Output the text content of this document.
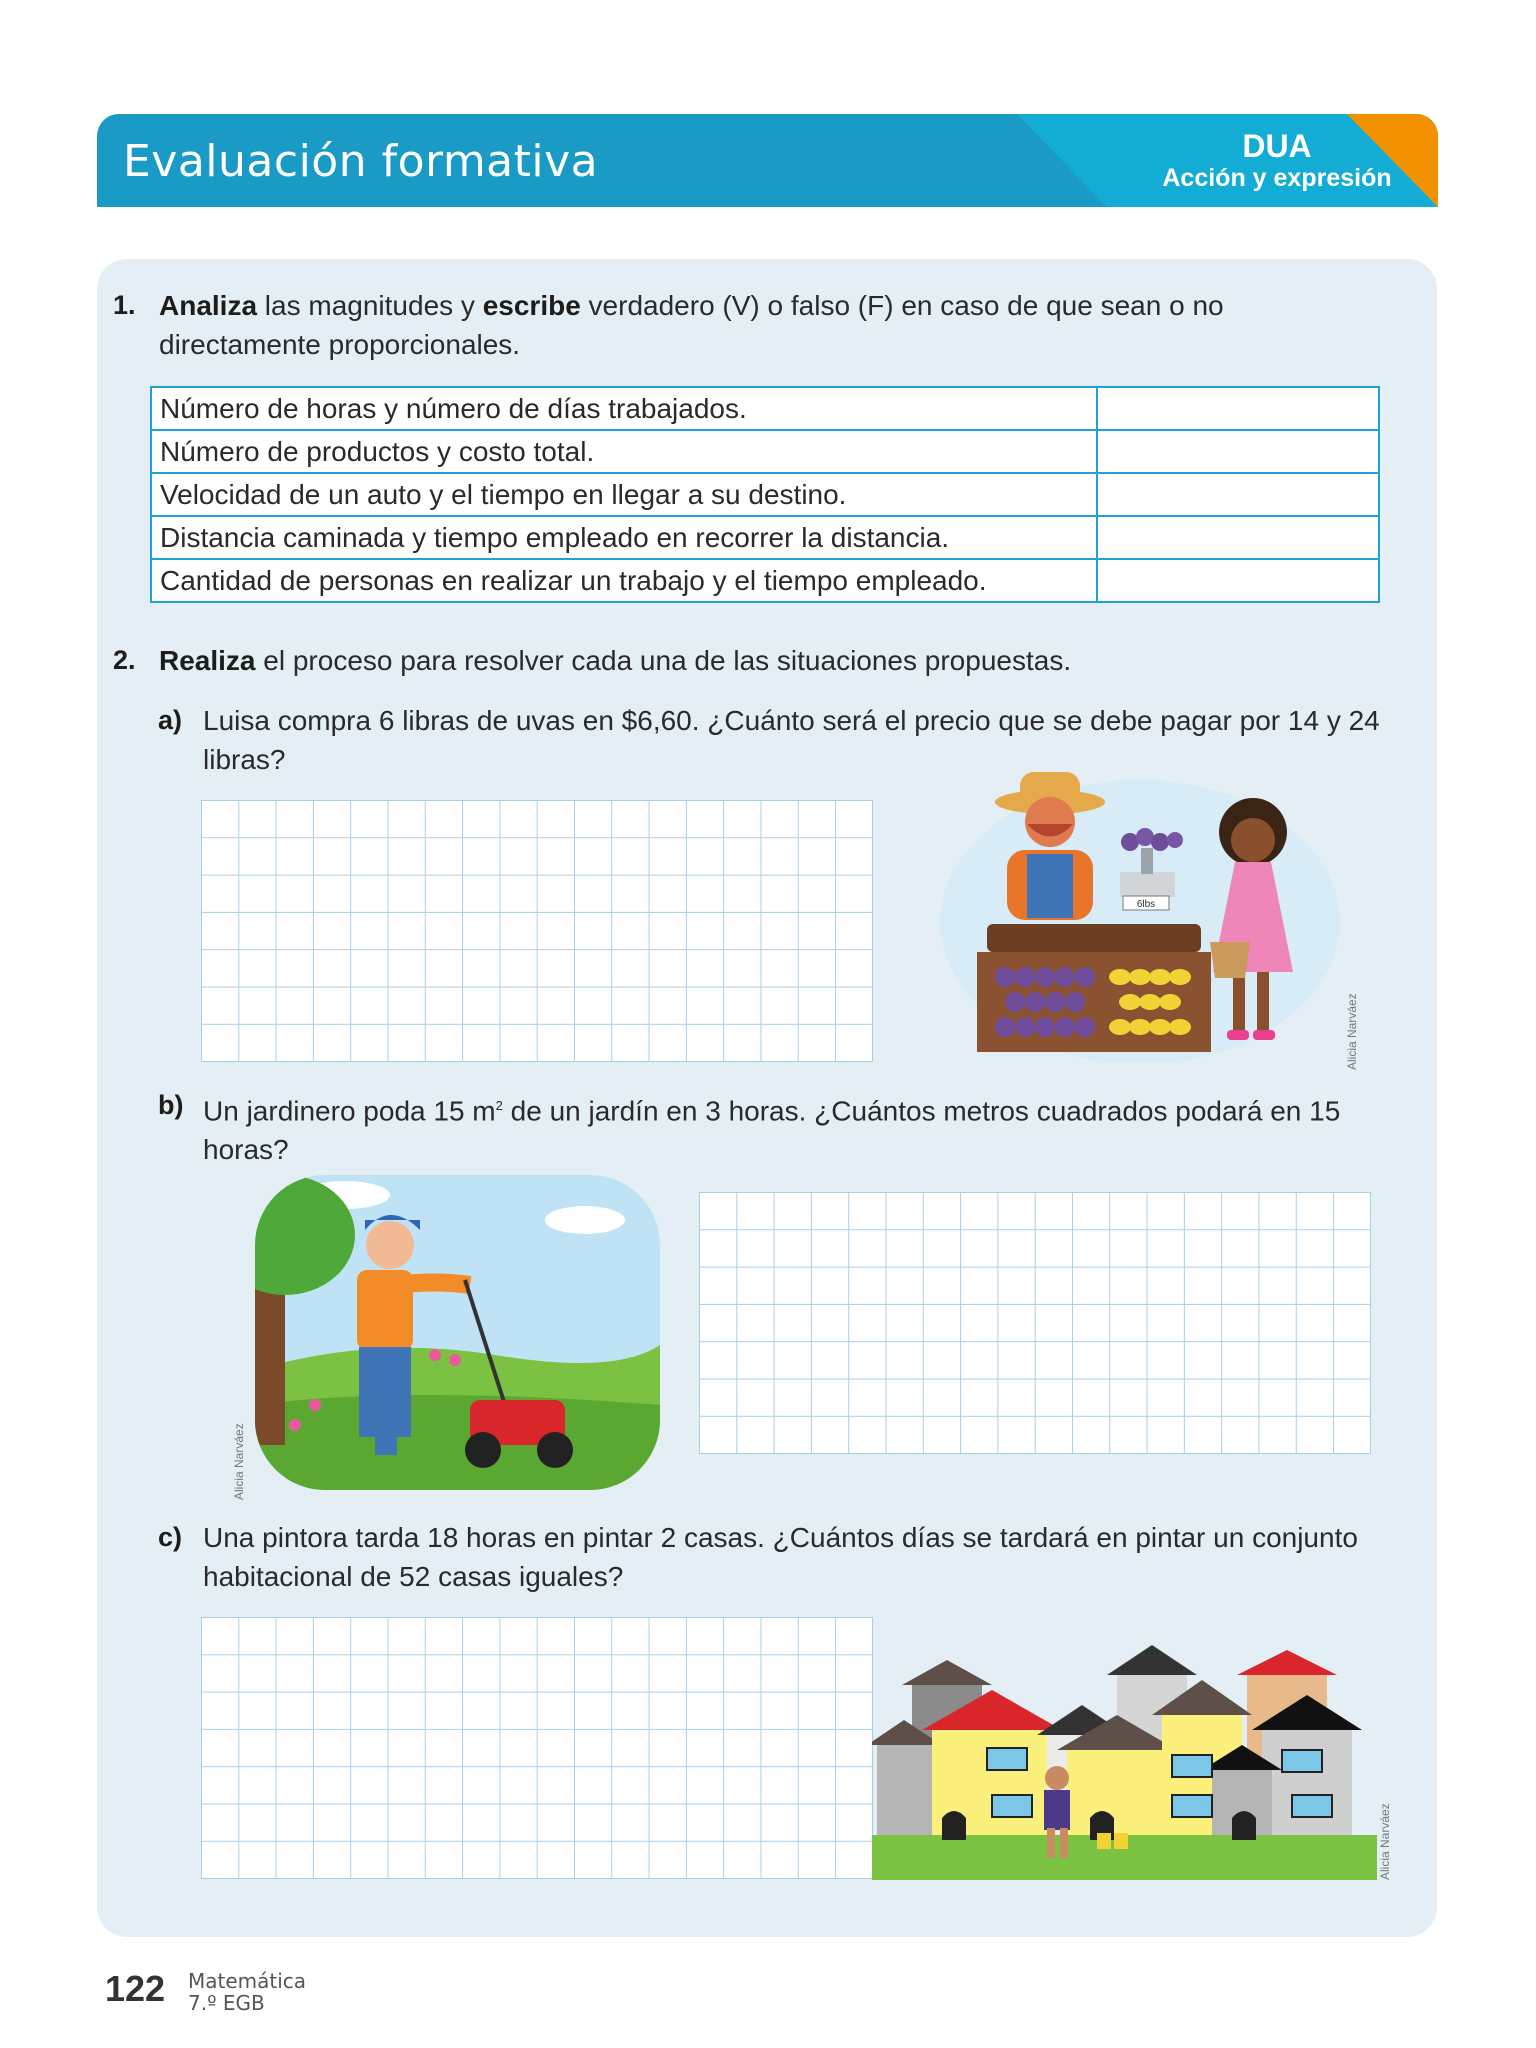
Evaluación formativa	DUA
Acción y expresión
1. Analiza las magnitudes y escribe verdadero (V) o falso (F) en caso de que sean o no directamente proporcionales.
Número de horas y número de días trabajados.	
Número de productos y costo total.	
Velocidad de un auto y el tiempo en llegar a su destino.	
Distancia caminada y tiempo empleado en recorrer la distancia.	
Cantidad de personas en realizar un trabajo y el tiempo empleado.	
2. Realiza el proceso para resolver cada una de las situaciones propuestas.
a) Luisa compra 6 libras de uvas en $6,60. ¿Cuánto será el precio que se debe pagar por 14 y 24 libras?
6lbs
Alicia Narváez
b) Un jardinero poda 15 $m^2$ de un jardín en 3 horas. ¿Cuántos metros cuadrados podará en 15 horas?
Alicia Narváez
c) Una pintora tarda 18 horas en pintar 2 casas. ¿Cuántos días se tardará en pintar un conjunto habitacional de 52 casas iguales?
Alicia Narváez
122 Matemática
7.º EGB
